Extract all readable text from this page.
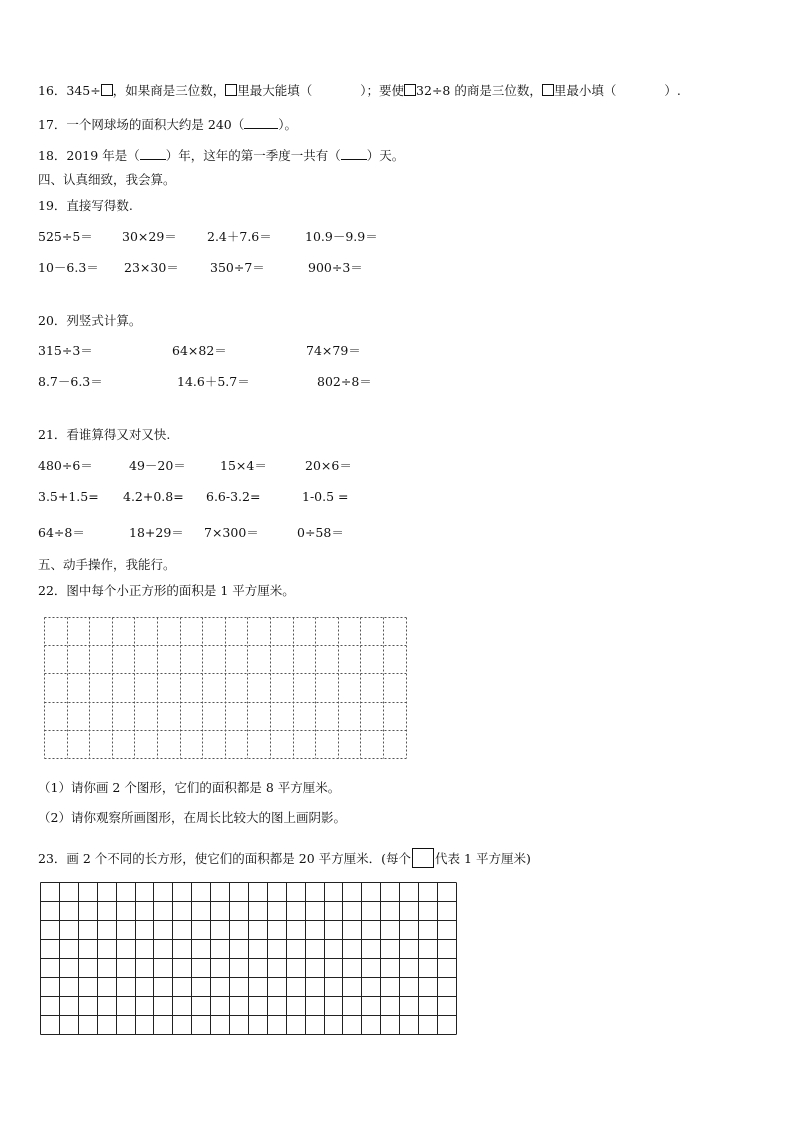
16．345÷ ，如果商是三位数， 里最大能填（	）；要使 32÷8 的商是三位数， 里最小填（	）.
17．一个网球场的面积大约是 240（	）。
18．2019 年是（ ）年，这年的第一季度一共有（ ）天。
四、认真细致，我会算。
19．直接写得数.
525÷5＝ 30×29＝ 2.4＋7.6＝	10.9－9.9＝
10－6.3＝ 23×30＝ 350÷7＝	900÷3＝
20．列竖式计算。
315÷3＝	64×82＝	74×79＝
8.7－6.3＝	14.6＋5.7＝	802÷8＝
21．看谁算得又对又快.
480÷6＝	49－20＝	15×4＝	20×6＝
3.5+1.5= 4.2+0.8= 6.6-3.2=	1-0.5 =
64÷8＝	18+29＝ 7×300＝	0÷58＝
五、动手操作，我能行。
22．图中每个小正方形的面积是 1 平方厘米。
（1）请你画 2 个图形，它们的面积都是 8 平方厘米。
（2）请你观察所画图形，在周长比较大的图上画阴影。
23．画 2 个不同的长方形，使它们的面积都是 20 平方厘米．(每个 代表 1 平方厘米)
